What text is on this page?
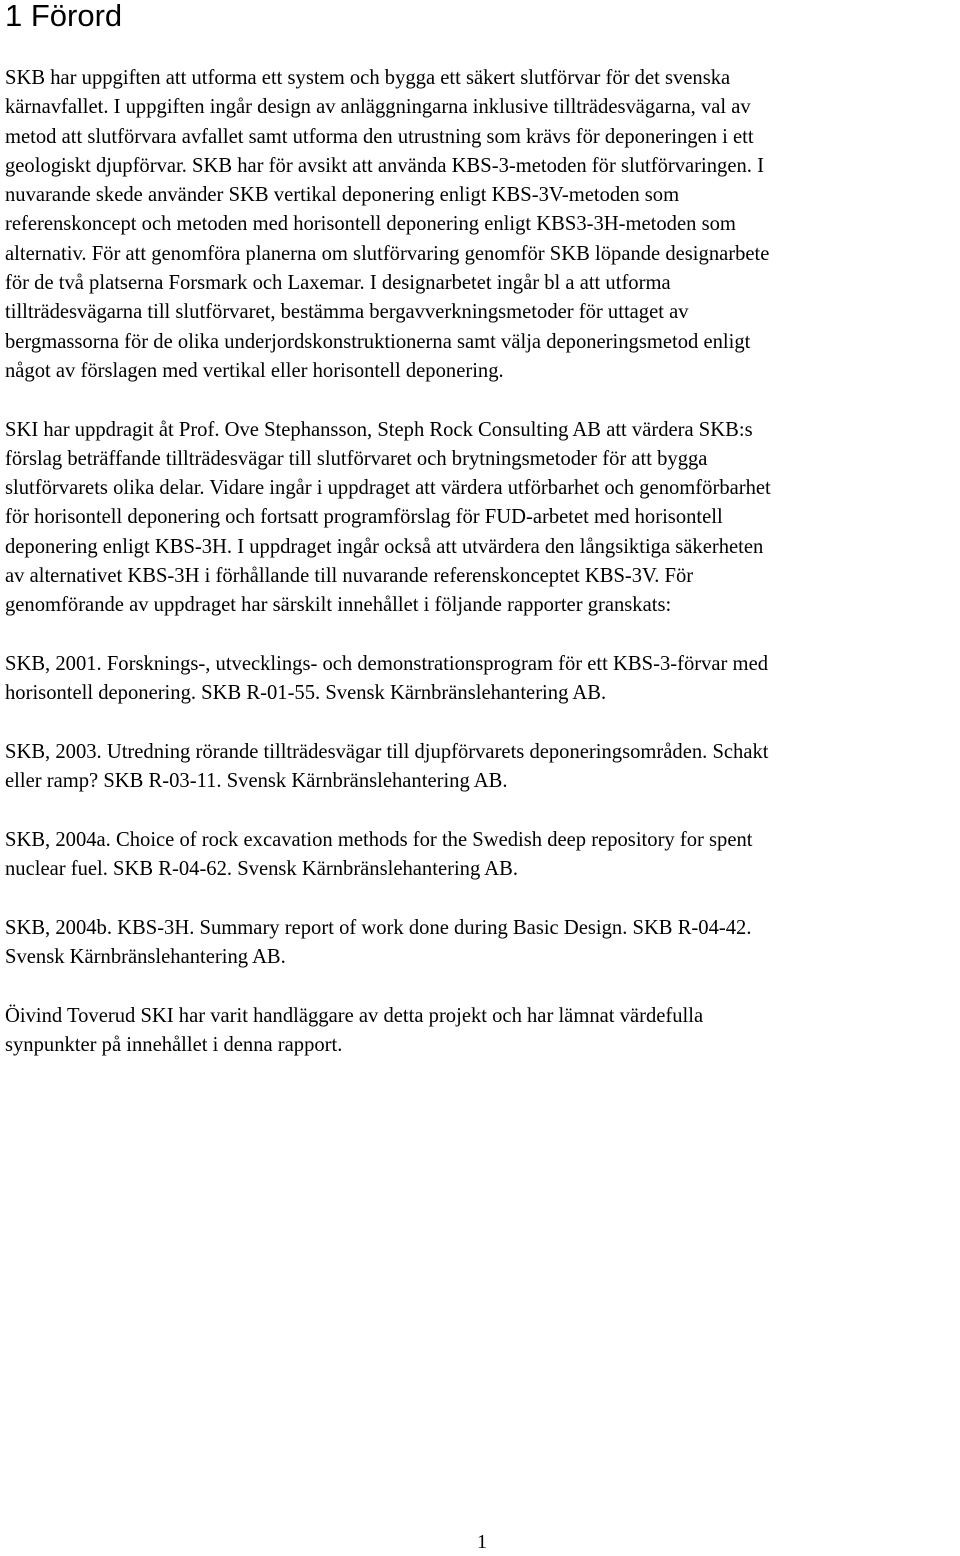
1 Förord

SKB har uppgiften att utforma ett system och bygga ett säkert slutförvar för det svenska
kärnavfallet. I uppgiften ingår design av anläggningarna inklusive tillträdesvägarna, val av
metod att slutförvara avfallet samt utforma den utrustning som krävs för deponeringen i ett
geologiskt djupförvar. SKB har för avsikt att använda KBS-3-metoden för slutförvaringen. I
nuvarande skede använder SKB vertikal deponering enligt KBS-3V-metoden som
referenskoncept och metoden med horisontell deponering enligt KBS3-3H-metoden som
alternativ. För att genomföra planerna om slutförvaring genomför SKB löpande designarbete
för de två platserna Forsmark och Laxemar. I designarbetet ingår bl a att utforma
tillträdesvägarna till slutförvaret, bestämma bergavverkningsmetoder för uttaget av
bergmassorna för de olika underjordskonstruktionerna samt välja deponeringsmetod enligt
något av förslagen med vertikal eller horisontell deponering.

SKI har uppdragit åt Prof. Ove Stephansson, Steph Rock Consulting AB att värdera SKB:s
förslag beträffande tillträdesvägar till slutförvaret och brytningsmetoder för att bygga
slutförvarets olika delar. Vidare ingår i uppdraget att värdera utförbarhet och genomförbarhet
för horisontell deponering och fortsatt programförslag för FUD-arbetet med horisontell
deponering enligt KBS-3H. I uppdraget ingår också att utvärdera den långsiktiga säkerheten
av alternativet KBS-3H i förhållande till nuvarande referenskonceptet KBS-3V. För
genomförande av uppdraget har särskilt innehållet i följande rapporter granskats:

SKB, 2001. Forsknings-, utvecklings- och demonstrationsprogram för ett KBS-3-förvar med
horisontell deponering. SKB R-01-55. Svensk Kärnbränslehantering AB.

SKB, 2003. Utredning rörande tillträdesvägar till djupförvarets deponeringsområden. Schakt
eller ramp? SKB R-03-11. Svensk Kärnbränslehantering AB.

SKB, 2004a. Choice of rock excavation methods for the Swedish deep repository for spent
nuclear fuel. SKB R-04-62. Svensk Kärnbränslehantering AB.

SKB, 2004b. KBS-3H. Summary report of work done during Basic Design. SKB R-04-42.
Svensk Kärnbränslehantering AB.

Öivind Toverud SKI har varit handläggare av detta projekt och har lämnat värdefulla
synpunkter på innehållet i denna rapport.

1
